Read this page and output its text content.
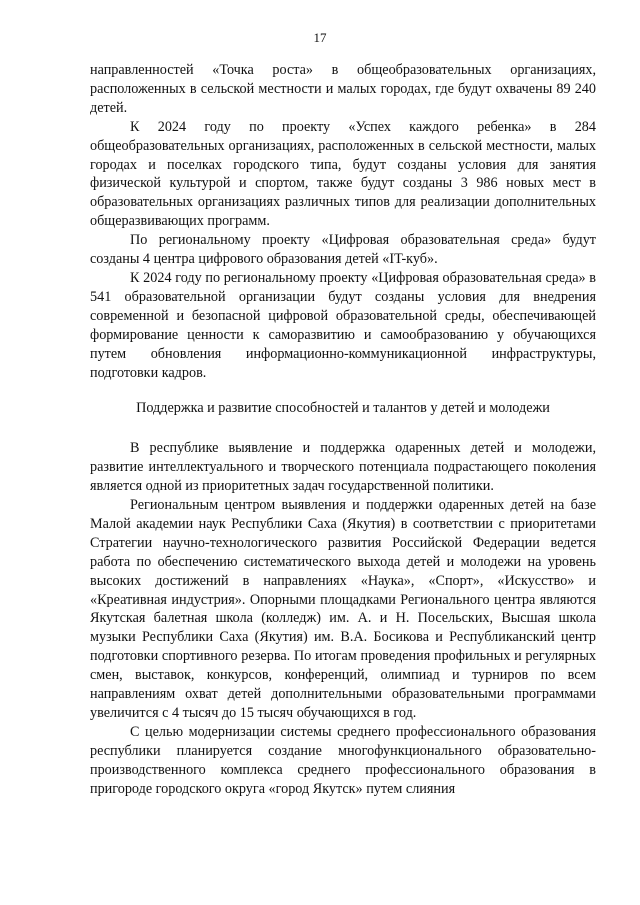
17

направленностей «Точка роста» в общеобразовательных организациях, расположенных в сельской местности и малых городах, где будут охвачены 89 240 детей.

К 2024 году по проекту «Успех каждого ребенка» в 284 общеобразовательных организациях, расположенных в сельской местности, малых городах и поселках городского типа, будут созданы условия для занятия физической культурой и спортом, также будут созданы 3 986 новых мест в образовательных организациях различных типов для реализации дополнительных общеразвивающих программ.

По региональному проекту «Цифровая образовательная среда» будут созданы 4 центра цифрового образования детей «IT-куб».

К 2024 году по региональному проекту «Цифровая образовательная среда» в 541 образовательной организации будут созданы условия для внедрения современной и безопасной цифровой образовательной среды, обеспечивающей формирование ценности к саморазвитию и самообразованию у обучающихся путем обновления информационно-коммуникационной инфраструктуры, подготовки кадров.

Поддержка и развитие способностей и талантов у детей и молодежи

В республике выявление и поддержка одаренных детей и молодежи, развитие интеллектуального и творческого потенциала подрастающего поколения является одной из приоритетных задач государственной политики.

Региональным центром выявления и поддержки одаренных детей на базе Малой академии наук Республики Саха (Якутия) в соответствии с приоритетами Стратегии научно-технологического развития Российской Федерации ведется работа по обеспечению систематического выхода детей и молодежи на уровень высоких достижений в направлениях «Наука», «Спорт», «Искусство» и «Креативная индустрия». Опорными площадками Регионального центра являются Якутская балетная школа (колледж) им. А. и Н. Посельских, Высшая школа музыки Республики Саха (Якутия) им. В.А. Босикова и Республиканский центр подготовки спортивного резерва. По итогам проведения профильных и регулярных смен, выставок, конкурсов, конференций, олимпиад и турниров по всем направлениям охват детей дополнительными образовательными программами увеличится с 4 тысяч до 15 тысяч обучающихся в год.

С целью модернизации системы среднего профессионального образования республики планируется создание многофункционального образовательно-производственного комплекса среднего профессионального образования в пригороде городского округа «город Якутск» путем слияния
